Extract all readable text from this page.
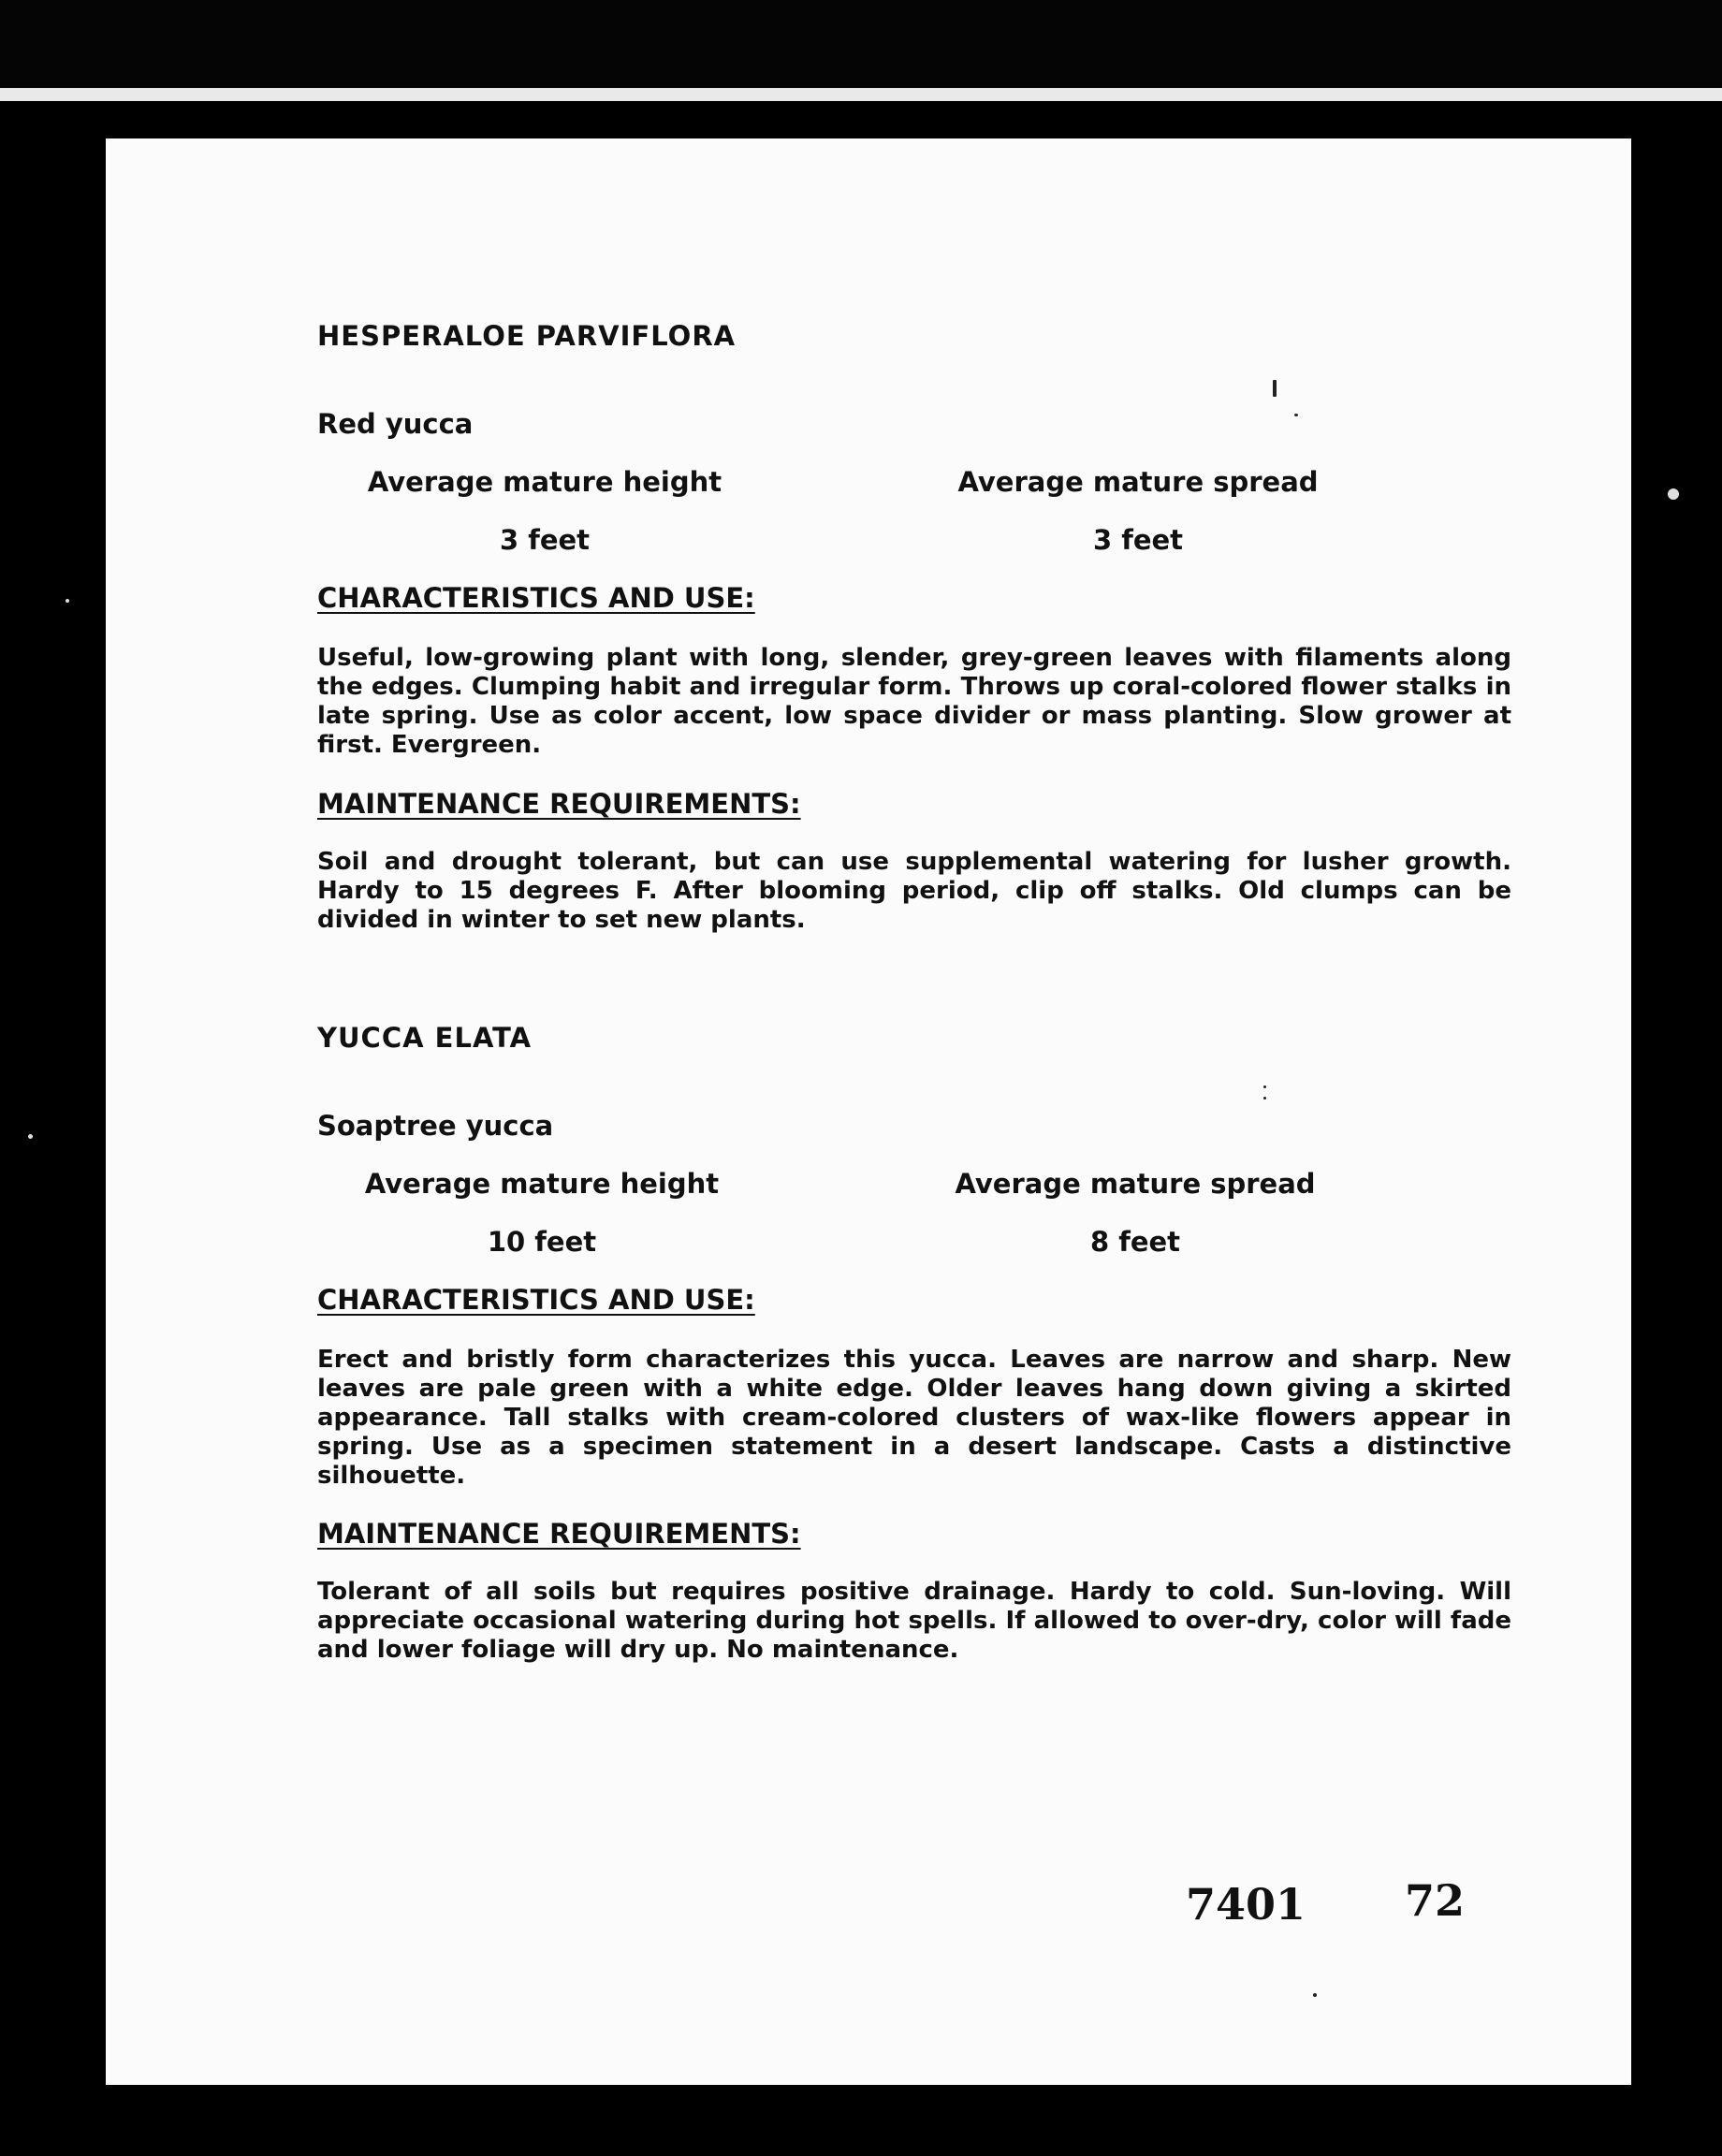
HESPERALOE PARVIFLORA
Red yucca
Average mature height	Average mature spread
3 feet	3 feet
CHARACTERISTICS AND USE:
Useful, low-growing plant with long, slender, grey-green leaves with filaments along the edges. Clumping habit and irregular form. Throws up coral-colored flower stalks in late spring. Use as color accent, low space divider or mass planting. Slow grower at first. Evergreen.
MAINTENANCE REQUIREMENTS:
Soil and drought tolerant, but can use supplemental watering for lusher growth. Hardy to 15 degrees F. After blooming period, clip off stalks. Old clumps can be divided in winter to set new plants.
YUCCA ELATA
Soaptree yucca
Average mature height	Average mature spread
10 feet	8 feet
CHARACTERISTICS AND USE:
Erect and bristly form characterizes this yucca. Leaves are narrow and sharp. New leaves are pale green with a white edge. Older leaves hang down giving a skirted appearance. Tall stalks with cream-colored clusters of wax-like flowers appear in spring. Use as a specimen statement in a desert landscape. Casts a distinctive silhouette.
MAINTENANCE REQUIREMENTS:
Tolerant of all soils but requires positive drainage. Hardy to cold. Sun-loving. Will appreciate occasional watering during hot spells. If allowed to over-dry, color will fade and lower foliage will dry up. No maintenance.
7401 72
